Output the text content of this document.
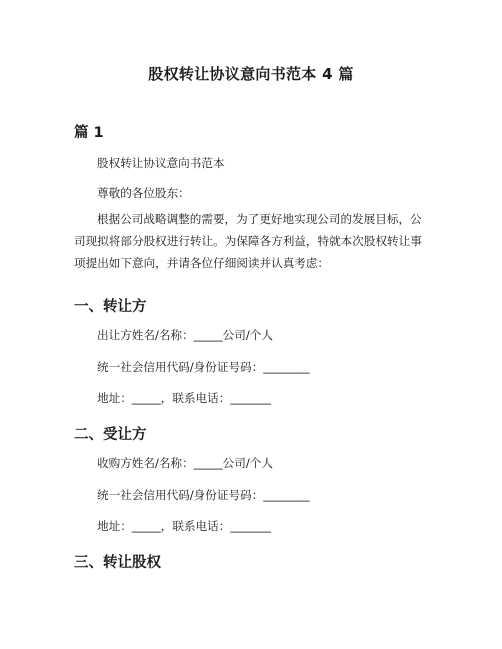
股权转让协议意向书范本 4 篇
篇 1
股权转让协议意向书范本
尊敬的各位股东：
根据公司战略调整的需要，为了更好地实现公司的发展目标，公司现拟将部分股权进行转让。为保障各方利益，特就本次股权转让事项提出如下意向，并请各位仔细阅读并认真考虑：
一、转让方
出让方姓名/名称：_____公司/个人
统一社会信用代码/身份证号码：________
地址：_____，联系电话：_______
二、受让方
收购方姓名/名称：_____公司/个人
统一社会信用代码/身份证号码：________
地址：_____，联系电话：_______
三、转让股权
